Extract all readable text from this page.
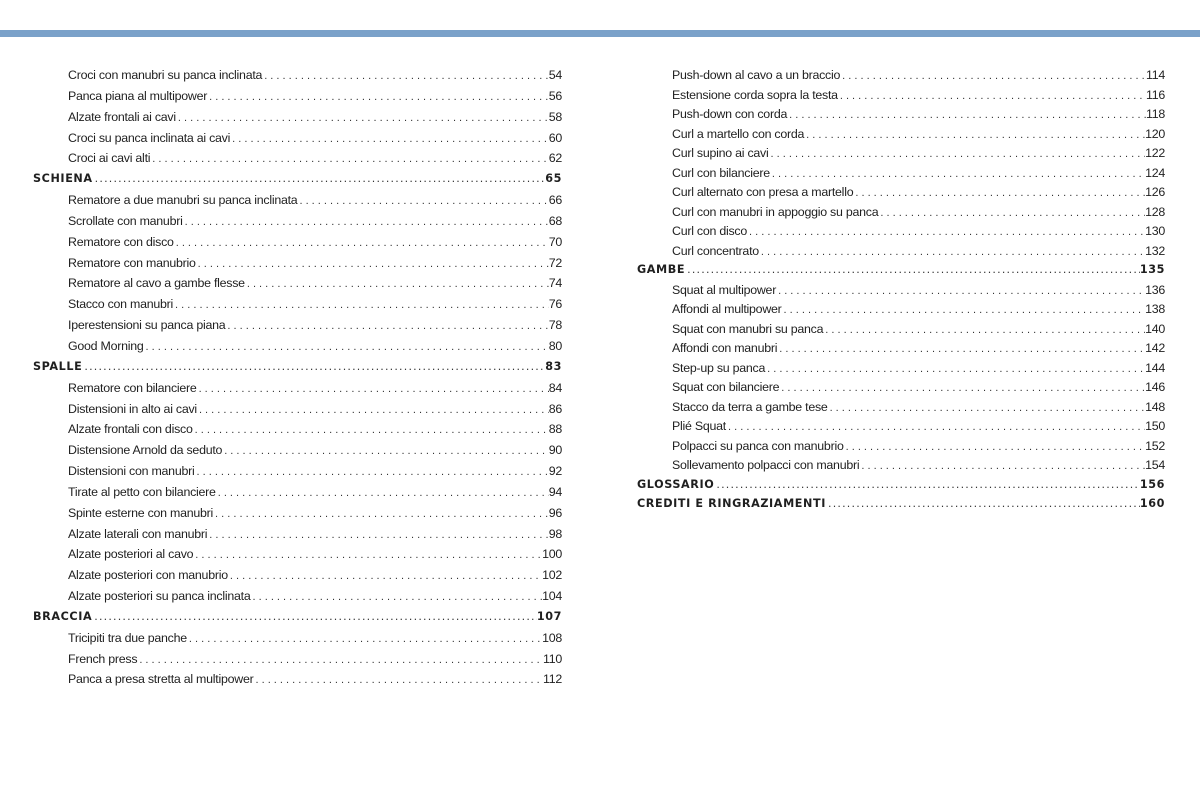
Croci con manubri su panca inclinata . . .	54
Panca piana al multipower . . .	56
Alzate frontali ai cavi . . .	58
Croci su panca inclinata ai cavi . . .	60
Croci ai cavi alti . . .	62
SCHIENA .....	65
Rematore a due manubri su panca inclinata . . .	66
Scrollate con manubri . . .	68
Rematore con disco . . .	70
Rematore con manubrio . . .	72
Rematore al cavo a gambe flesse . . .	74
Stacco con manubri . . .	76
Iperestensioni su panca piana . . .	78
Good Morning . . .	80
SPALLE .....	83
Rematore con bilanciere . . .	84
Distensioni in alto ai cavi . . .	86
Alzate frontali con disco . . .	88
Distensione Arnold da seduto . . .	90
Distensioni con manubri . . .	92
Tirate al petto con bilanciere . . .	94
Spinte esterne con manubri . . .	96
Alzate laterali con manubri . . .	98
Alzate posteriori al cavo . . .	100
Alzate posteriori con manubrio . . .	102
Alzate posteriori su panca inclinata . . .	104
BRACCIA .....	107
Tricipiti tra due panche . . .	108
French press . . .	110
Panca a presa stretta al multipower . . .	112
Push-down al cavo a un braccio . . .	114
Estensione corda sopra la testa . . .	116
Push-down con corda . . .	118
Curl a martello con corda . . .	120
Curl supino ai cavi . . .	122
Curl con bilanciere . . .	124
Curl alternato con presa a martello . . .	126
Curl con manubri in appoggio su panca . . .	128
Curl con disco . . .	130
Curl concentrato . . .	132
GAMBE .....	135
Squat al multipower . . .	136
Affondi al multipower . . .	138
Squat con manubri su panca . . .	140
Affondi con manubri . . .	142
Step-up su panca . . .	144
Squat con bilanciere . . .	146
Stacco da terra a gambe tese . . .	148
Plié Squat . . .	150
Polpacci su panca con manubrio . . .	152
Sollevamento polpacci con manubri . . .	154
GLOSSARIO .....	156
CREDITI E RINGRAZIAMENTI .....	160
